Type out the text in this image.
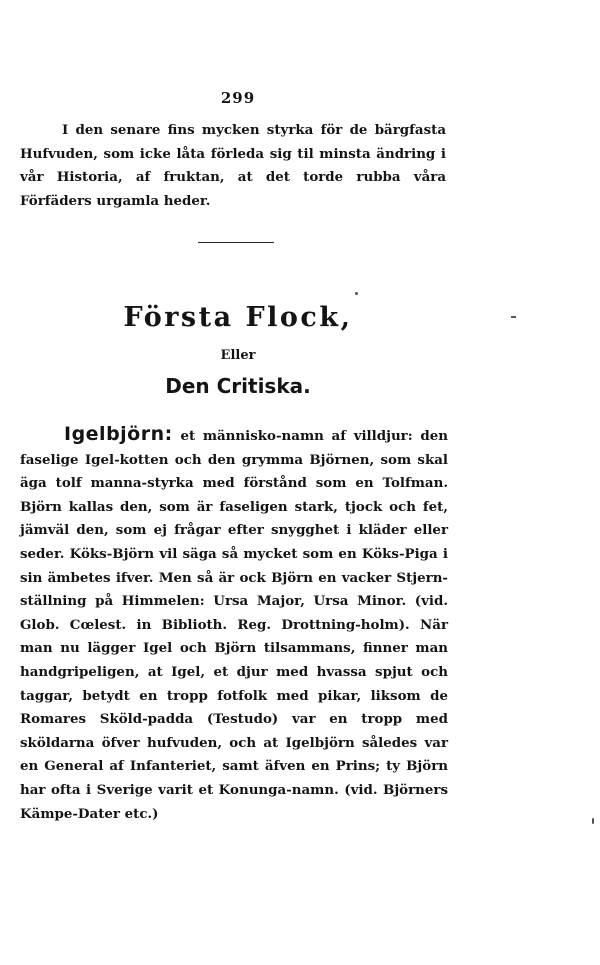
299

I den senare fins mycken styrka för de bärgfasta Hufvuden, som icke låta förleda sig til minsta ändring i vår Historia, af fruktan, at det torde rubba våra Förfäders urgamla heder.

Första Flock,
Eller
Den Critiska.

Igelbjörn: et människo-namn af villdjur: den faselige Igel-kotten och den grymma Björnen, som skal äga tolf manna-styrka med förstånd som en Tolfman. Björn kallas den, som är faseligen stark, tjock och fet, jämväl den, som ej frågar efter snygghet i kläder eller seder. Köks-Björn vil säga så mycket som en Köks-Piga i sin ämbetes ifver. Men så är ock Björn en vacker Stjern-ställning på Himmelen: Ursa Major, Ursa Minor. (vid. Glob. Cœlest. in Biblioth. Reg. Drottning-holm). När man nu lägger Igel och Björn tilsammans, finner man handgripeligen, at Igel, et djur med hvassa spjut och taggar, betydt en tropp fotfolk med pikar, liksom de Romares Sköld-padda (Testudo) var en tropp med sköldarna öfver hufvuden, och at Igelbjörn således var en General af Infanteriet, samt äfven en Prins; ty Björn har ofta i Sverige varit et Konunga-namn. (vid. Björners Kämpe-Dater etc.)
